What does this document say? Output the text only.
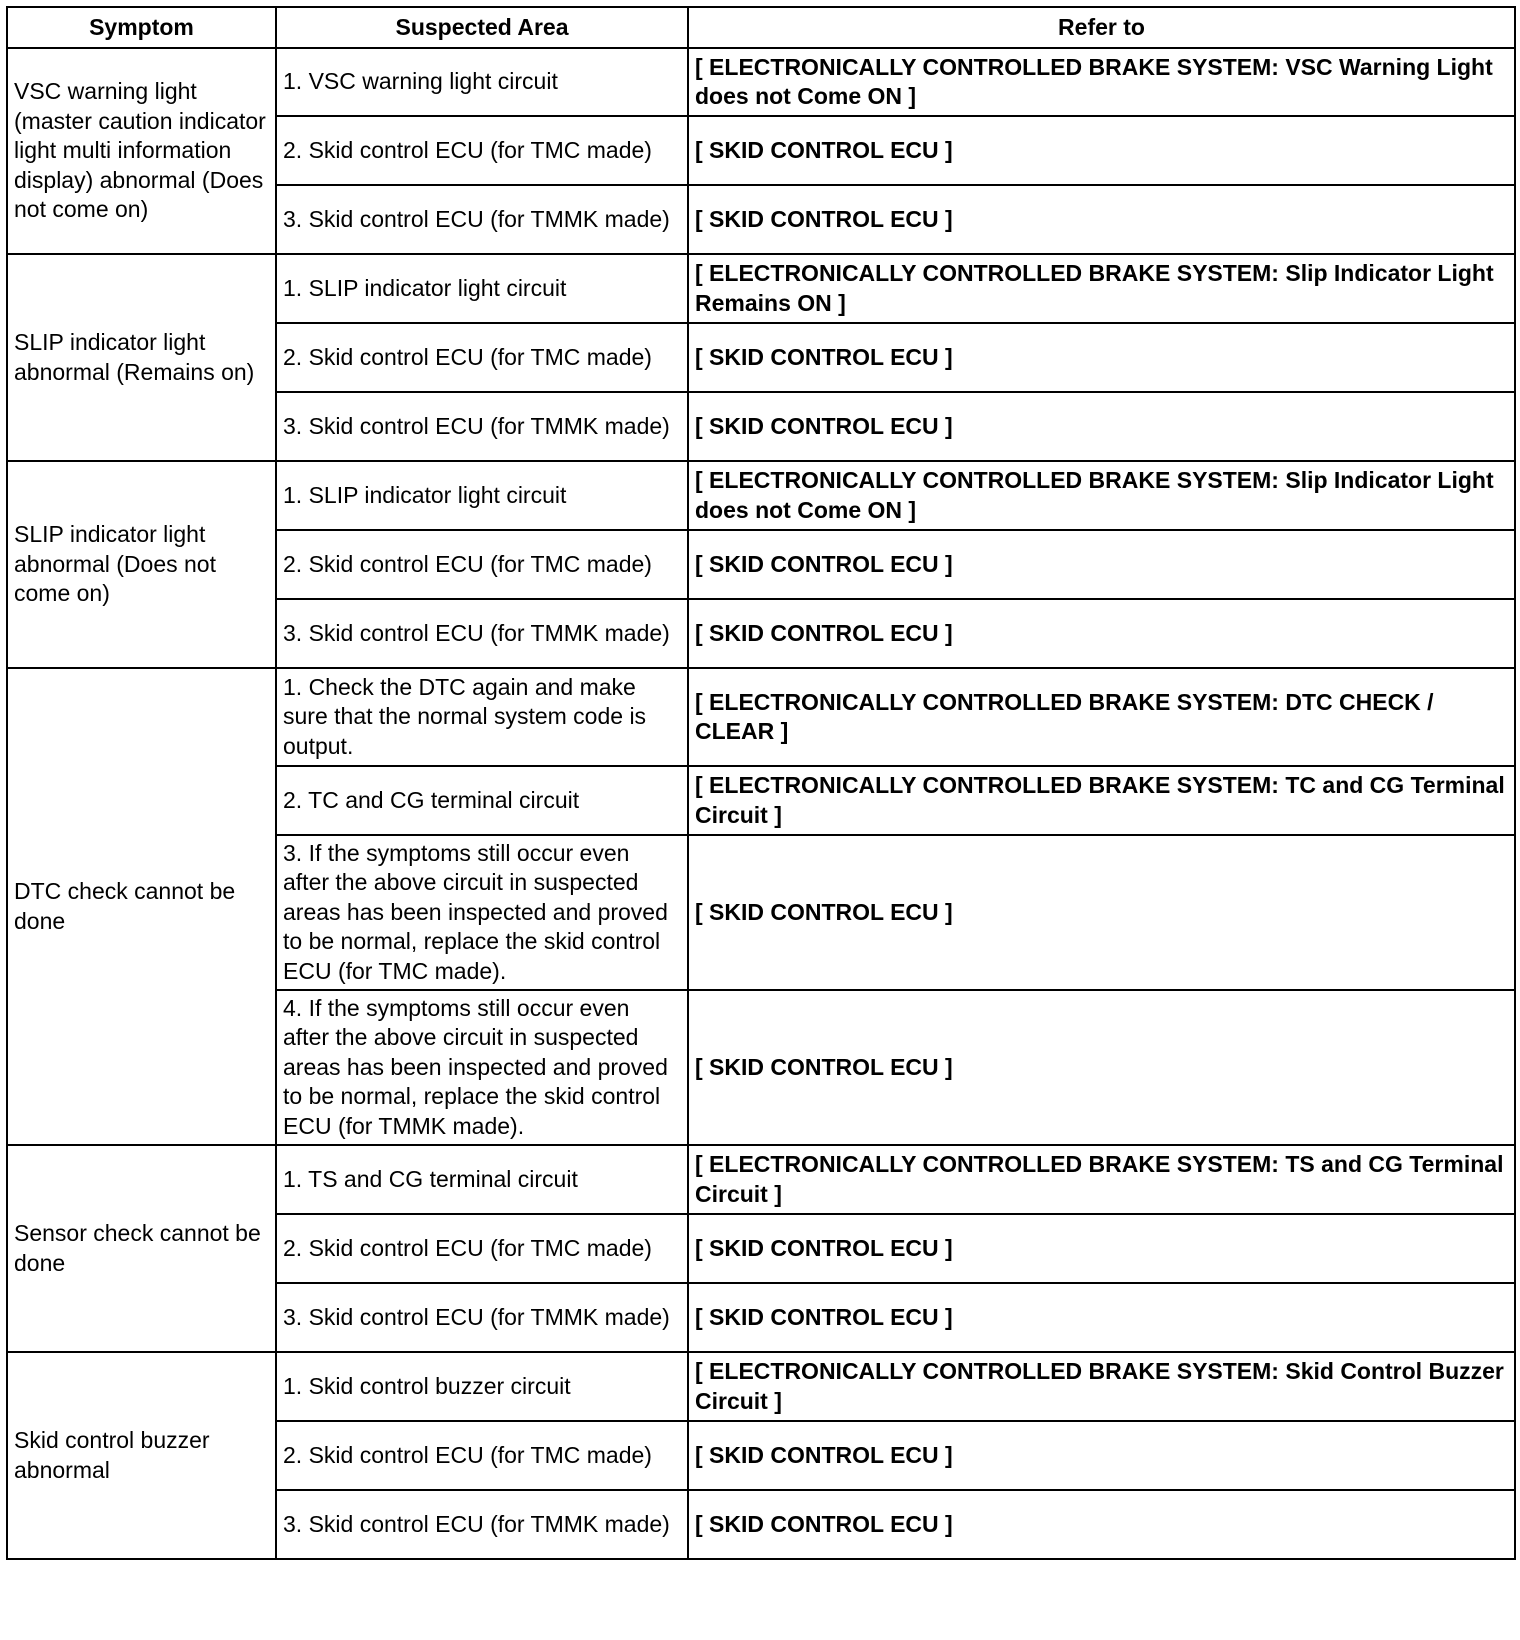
Symptom	Suspected Area	Refer to
VSC warning light (master caution indicator light multi information display) abnormal (Does not come on)	1. VSC warning light circuit	[ ELECTRONICALLY CONTROLLED BRAKE SYSTEM: VSC Warning Light does not Come ON ]
	2. Skid control ECU (for TMC made)	[ SKID CONTROL ECU ]
	3. Skid control ECU (for TMMK made)	[ SKID CONTROL ECU ]
SLIP indicator light abnormal (Remains on)	1. SLIP indicator light circuit	[ ELECTRONICALLY CONTROLLED BRAKE SYSTEM: Slip Indicator Light Remains ON ]
	2. Skid control ECU (for TMC made)	[ SKID CONTROL ECU ]
	3. Skid control ECU (for TMMK made)	[ SKID CONTROL ECU ]
SLIP indicator light abnormal (Does not come on)	1. SLIP indicator light circuit	[ ELECTRONICALLY CONTROLLED BRAKE SYSTEM: Slip Indicator Light does not Come ON ]
	2. Skid control ECU (for TMC made)	[ SKID CONTROL ECU ]
	3. Skid control ECU (for TMMK made)	[ SKID CONTROL ECU ]
DTC check cannot be done	1. Check the DTC again and make sure that the normal system code is output.	[ ELECTRONICALLY CONTROLLED BRAKE SYSTEM: DTC CHECK / CLEAR ]
	2. TC and CG terminal circuit	[ ELECTRONICALLY CONTROLLED BRAKE SYSTEM: TC and CG Terminal Circuit ]
	3. If the symptoms still occur even after the above circuit in suspected areas has been inspected and proved to be normal, replace the skid control ECU (for TMC made).	[ SKID CONTROL ECU ]
	4. If the symptoms still occur even after the above circuit in suspected areas has been inspected and proved to be normal, replace the skid control ECU (for TMMK made).	[ SKID CONTROL ECU ]
Sensor check cannot be done	1. TS and CG terminal circuit	[ ELECTRONICALLY CONTROLLED BRAKE SYSTEM: TS and CG Terminal Circuit ]
	2. Skid control ECU (for TMC made)	[ SKID CONTROL ECU ]
	3. Skid control ECU (for TMMK made)	[ SKID CONTROL ECU ]
Skid control buzzer abnormal	1. Skid control buzzer circuit	[ ELECTRONICALLY CONTROLLED BRAKE SYSTEM: Skid Control Buzzer Circuit ]
	2. Skid control ECU (for TMC made)	[ SKID CONTROL ECU ]
	3. Skid control ECU (for TMMK made)	[ SKID CONTROL ECU ]
